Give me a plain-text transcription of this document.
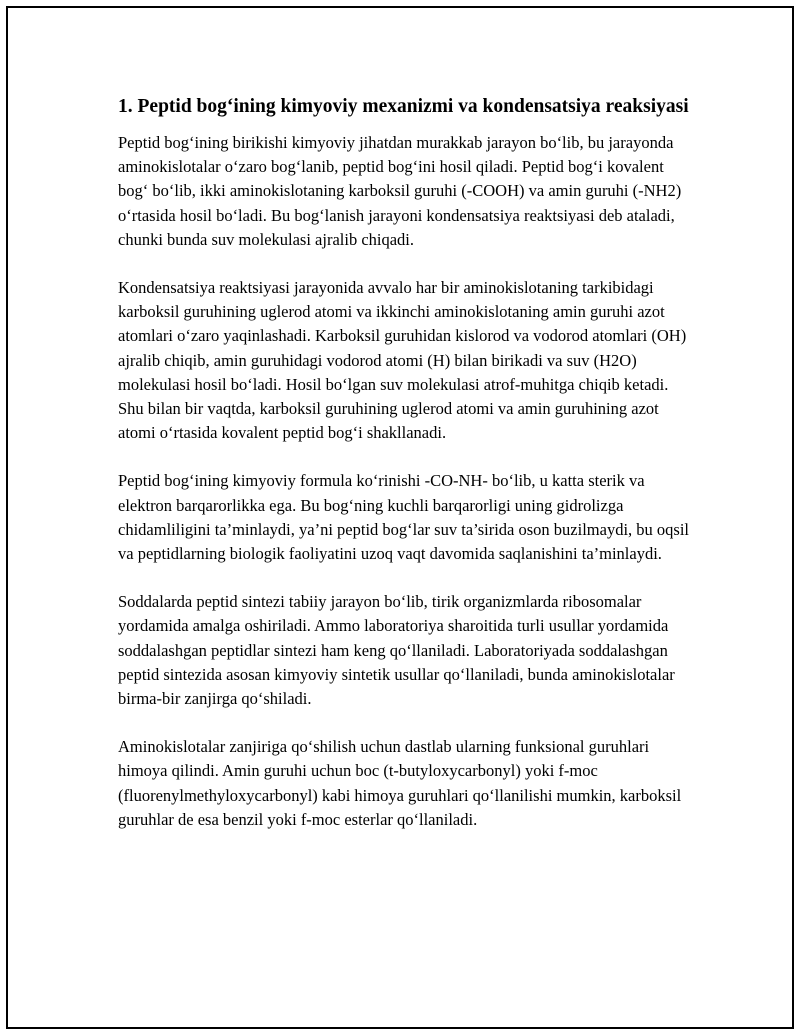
1. Peptid bog‘ining kimyoviy mexanizmi va kondensatsiya reaksiyasi

Peptid bog‘ining birikishi kimyoviy jihatdan murakkab jarayon bo‘lib, bu jarayonda aminokislotalar o‘zaro bog‘lanib, peptid bog‘ini hosil qiladi. Peptid bog‘i kovalent bog‘ bo‘lib, ikki aminokislotaning karboksil guruhi (-COOH) va amin guruhi (-NH2) o‘rtasida hosil bo‘ladi. Bu bog‘lanish jarayoni kondensatsiya reaktsiyasi deb ataladi, chunki bunda suv molekulasi ajralib chiqadi.

Kondensatsiya reaktsiyasi jarayonida avvalo har bir aminokislotaning tarkibidagi karboksil guruhining uglerod atomi va ikkinchi aminokislotaning amin guruhi azot atomlari o‘zaro yaqinlashadi. Karboksil guruhidan kislorod va vodorod atomlari (OH) ajralib chiqib, amin guruhidagi vodorod atomi (H) bilan birikadi va suv (H2O) molekulasi hosil bo‘ladi. Hosil bo‘lgan suv molekulasi atrof-muhitga chiqib ketadi. Shu bilan bir vaqtda, karboksil guruhining uglerod atomi va amin guruhining azot atomi o‘rtasida kovalent peptid bog‘i shakllanadi.

Peptid bog‘ining kimyoviy formula ko‘rinishi -CO-NH- bo‘lib, u katta sterik va elektron barqarorlikka ega. Bu bog‘ning kuchli barqarorligi uning gidrolizga chidamliligini ta’minlaydi, ya’ni peptid bog‘lar suv ta’sirida oson buzilmaydi, bu oqsil va peptidlarning biologik faoliyatini uzoq vaqt davomida saqlanishini ta’minlaydi.

Soddalarda peptid sintezi tabiiy jarayon bo‘lib, tirik organizmlarda ribosomalar yordamida amalga oshiriladi. Ammo laboratoriya sharoitida turli usullar yordamida soddalashgan peptidlar sintezi ham keng qo‘llaniladi. Laboratoriyada soddalashgan peptid sintezida asosan kimyoviy sintetik usullar qo‘llaniladi, bunda aminokislotalar birma-bir zanjirga qo‘shiladi.

Aminokislotalar zanjiriga qo‘shilish uchun dastlab ularning funksional guruhlari himoya qilindi. Amin guruhi uchun boc (t-butyloxycarbonyl) yoki f-moc (fluorenylmethyloxycarbonyl) kabi himoya guruhlari qo‘llanilishi mumkin, karboksil guruhlar de esa benzil yoki f-moc esterlar qo‘llaniladi.
